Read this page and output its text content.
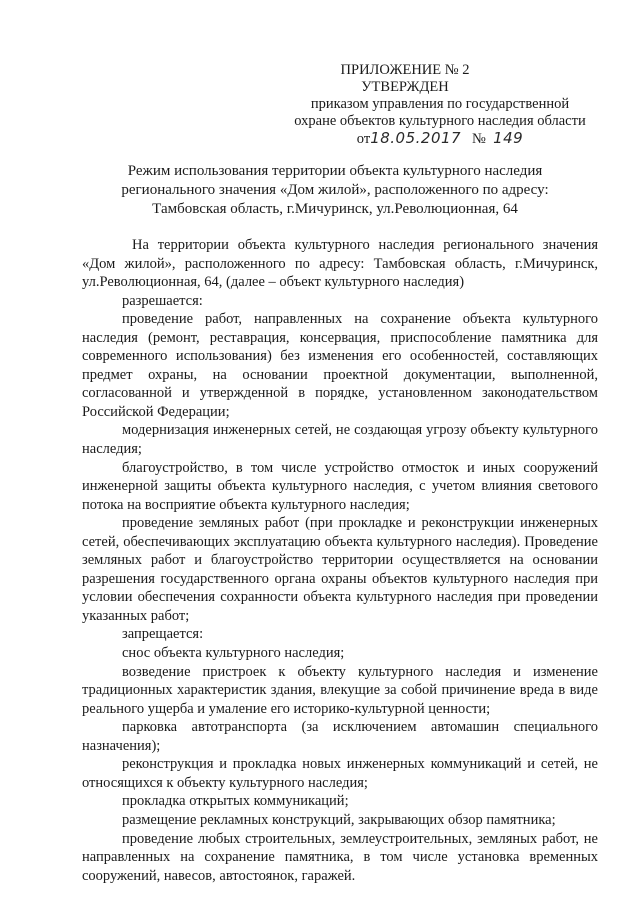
ПРИЛОЖЕНИЕ № 2
УТВЕРЖДЕН
приказом управления по государственной
охране объектов культурного наследия области
от18.05.2017 № 149
Режим использования территории объекта культурного наследия
регионального значения «Дом жилой», расположенного по адресу:
Тамбовская область, г.Мичуринск, ул.Революционная, 64

На территории объекта культурного наследия регионального значения «Дом жилой», расположенного по адресу: Тамбовская область, г.Мичуринск, ул.Революционная, 64, (далее – объект культурного наследия)

разрешается:

проведение работ, направленных на сохранение объекта культурного наследия (ремонт, реставрация, консервация, приспособление памятника для современного использования) без изменения его особенностей, составляющих предмет охраны, на основании проектной документации, выполненной, согласованной и утвержденной в порядке, установленном законодательством Российской Федерации;

модернизация инженерных сетей, не создающая угрозу объекту культурного наследия;

благоустройство, в том числе устройство отмосток и иных сооружений инженерной защиты объекта культурного наследия, с учетом влияния светового потока на восприятие объекта культурного наследия;

проведение земляных работ (при прокладке и реконструкции инженерных сетей, обеспечивающих эксплуатацию объекта культурного наследия). Проведение земляных работ и благоустройство территории осуществляется на основании разрешения государственного органа охраны объектов культурного наследия при условии обеспечения сохранности объекта культурного наследия при проведении указанных работ;

запрещается:

снос объекта культурного наследия;

возведение пристроек к объекту культурного наследия и изменение традиционных характеристик здания, влекущие за собой причинение вреда в виде реального ущерба и умаление его историко-культурной ценности;

парковка автотранспорта (за исключением автомашин специального назначения);

реконструкция и прокладка новых инженерных коммуникаций и сетей, не относящихся к объекту культурного наследия;

прокладка открытых коммуникаций;

размещение рекламных конструкций, закрывающих обзор памятника;

проведение любых строительных, землеустроительных, земляных работ, не направленных на сохранение памятника, в том числе установка временных сооружений, навесов, автостоянок, гаражей.
